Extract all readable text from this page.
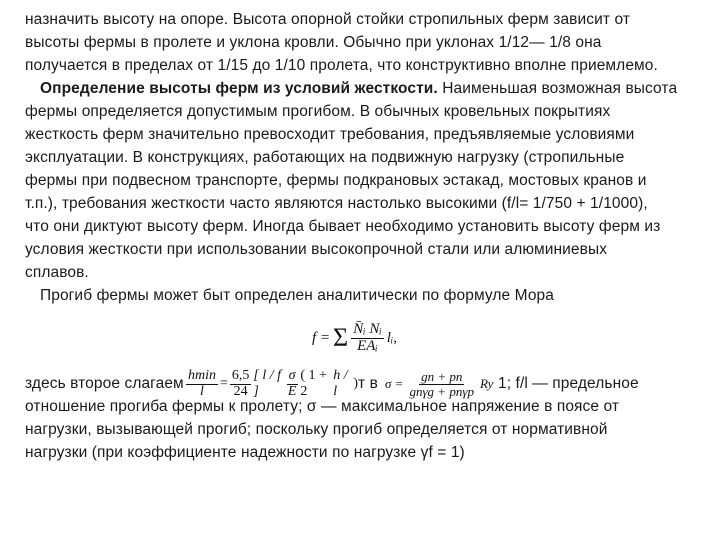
назначить высоту на опоре. Высота опорной стойки стропильных ферм зависит от
высоты фермы в пролете и уклона кровли. Обычно при уклонах 1/12— 1/8 она
получается в пределах от 1/15 до 1/10 пролета, что конструктивно вполне приемлемо.
Определение высоты ферм из условий жесткости. Наименьшая возможная высота
фермы определяется допустимым прогибом. В обычных кровельных покрытиях
жесткость ферм значительно превосходит требования, предъявляемые условиями
эксплуатации. В конструкциях, работающих на подвижную нагрузку (стропильные
фермы при подвесном транспорте, фермы подкрановых эстакад, мостовых кранов и
т.п.), требования жесткости часто являются настолько высокими (f/l= 1/750 + 1/1000),
что они диктуют высоту ферм. Иногда бывает необходимо установить высоту ферм из
условия жесткости при использовании высокопрочной стали или алюминиевых
сплавов.
Прогиб фермы может быт определен аналитически по формуле Мора
f = Σ $\frac{\text{N̄ᵢ Nᵢ}}{\text{EAᵢ}}$ lᵢ,
здесь второе слагаем $\frac{hmin}{l} = \frac{6,5}{24}$ [ l / f ]	$\frac{\sigma}{E}$ ( 1 + 2
h / l
) т в $\sigma = \frac{gn + pn}{\text{gnγg + pnγp}}$ Ry 1; f/l — предельное
отношение прогиба фермы к пролету; σ — максимальное напряжение в поясе от
нагрузки, вызывающей прогиб; поскольку прогиб определяется от нормативной
нагрузки (при коэффициенте надежности по нагрузке γf = 1)
